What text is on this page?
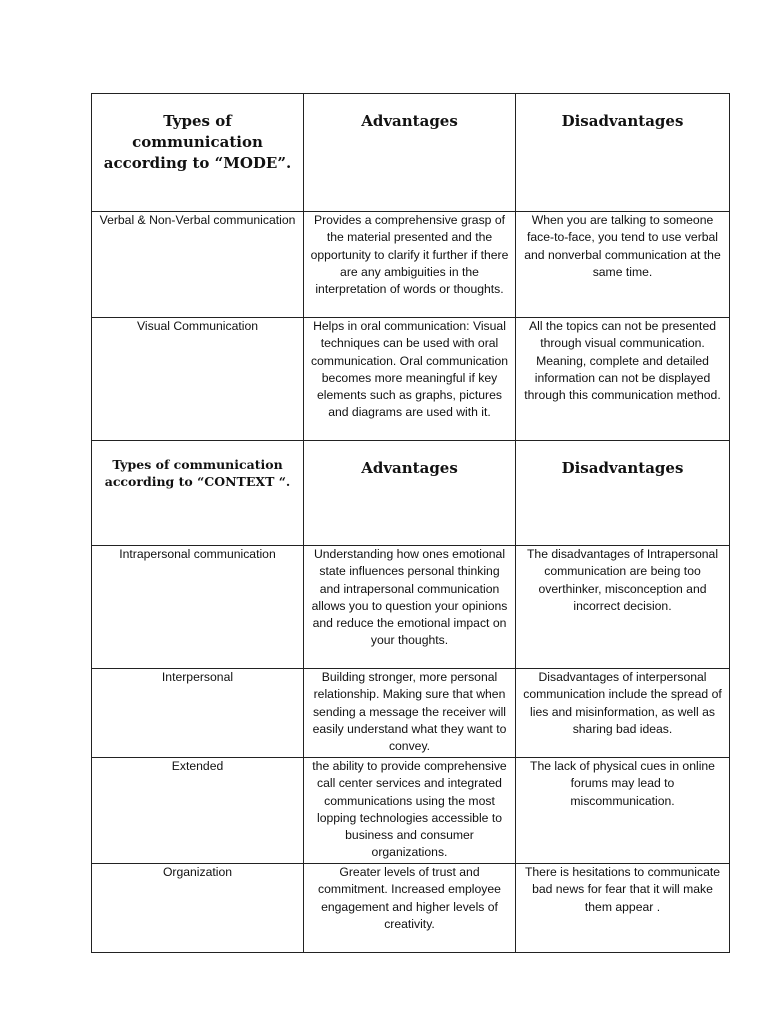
Types of communication according to “MODE”.	Advantages	Disadvantages
Verbal & Non-Verbal communication	Provides a comprehensive grasp of the material presented and the opportunity to clarify it further if there are any ambiguities in the interpretation of words or thoughts.	When you are talking to someone face-to-face, you tend to use verbal and nonverbal communication at the same time.
Visual Communication	Helps in oral communication: Visual techniques can be used with oral communication. Oral communication becomes more meaningful if key elements such as graphs, pictures and diagrams are used with it.	All the topics can not be presented through visual communication. Meaning, complete and detailed information can not be displayed through this communication method.
Types of communication according to “CONTEXT “.	Advantages	Disadvantages
Intrapersonal communication	Understanding how ones emotional state influences personal thinking and intrapersonal communication allows you to question your opinions and reduce the emotional impact on your thoughts.	The disadvantages of Intrapersonal communication are being too overthinker, misconception and incorrect decision.
Interpersonal	Building stronger, more personal relationship. Making sure that when sending a message the receiver will easily understand what they want to convey.	Disadvantages of interpersonal communication include the spread of lies and misinformation, as well as sharing bad ideas.
Extended	the ability to provide comprehensive call center services and integrated communications using the most lopping technologies accessible to business and consumer organizations.	The lack of physical cues in online forums may lead to miscommunication.
Organization	Greater levels of trust and commitment. Increased employee engagement and higher levels of creativity.	There is hesitations to communicate bad news for fear that it will make them appear .
